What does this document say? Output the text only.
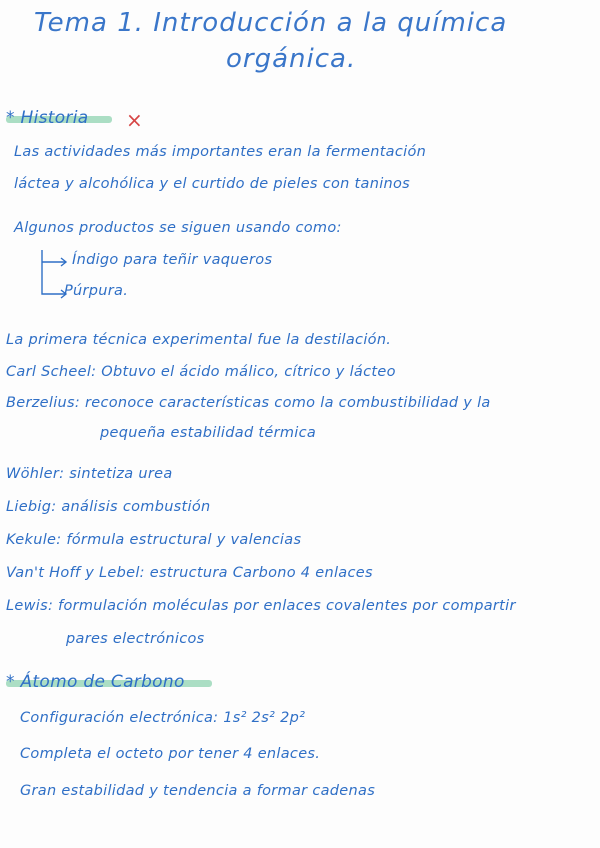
Tema 1. Introducción a la química
orgánica.
* Historia ×
Las actividades más importantes eran la fermentación
láctea y alcohólica y el curtido de pieles con taninos
Algunos productos se siguen usando como:
Índigo para teñir vaqueros
Púrpura.
La primera técnica experimental fue la destilación.
Carl Scheel: Obtuvo el ácido málico, cítrico y lácteo
Berzelius: reconoce características como la combustibilidad y la
pequeña estabilidad térmica
Wöhler: sintetiza urea
Liebig: análisis combustión
Kekule: fórmula estructural y valencias
Van't Hoff y Lebel: estructura Carbono 4 enlaces
Lewis: formulación moléculas por enlaces covalentes por compartir
pares electrónicos
* Átomo de Carbono
Configuración electrónica: 1s² 2s² 2p²
Completa el octeto por tener 4 enlaces.
Gran estabilidad y tendencia a formar cadenas
